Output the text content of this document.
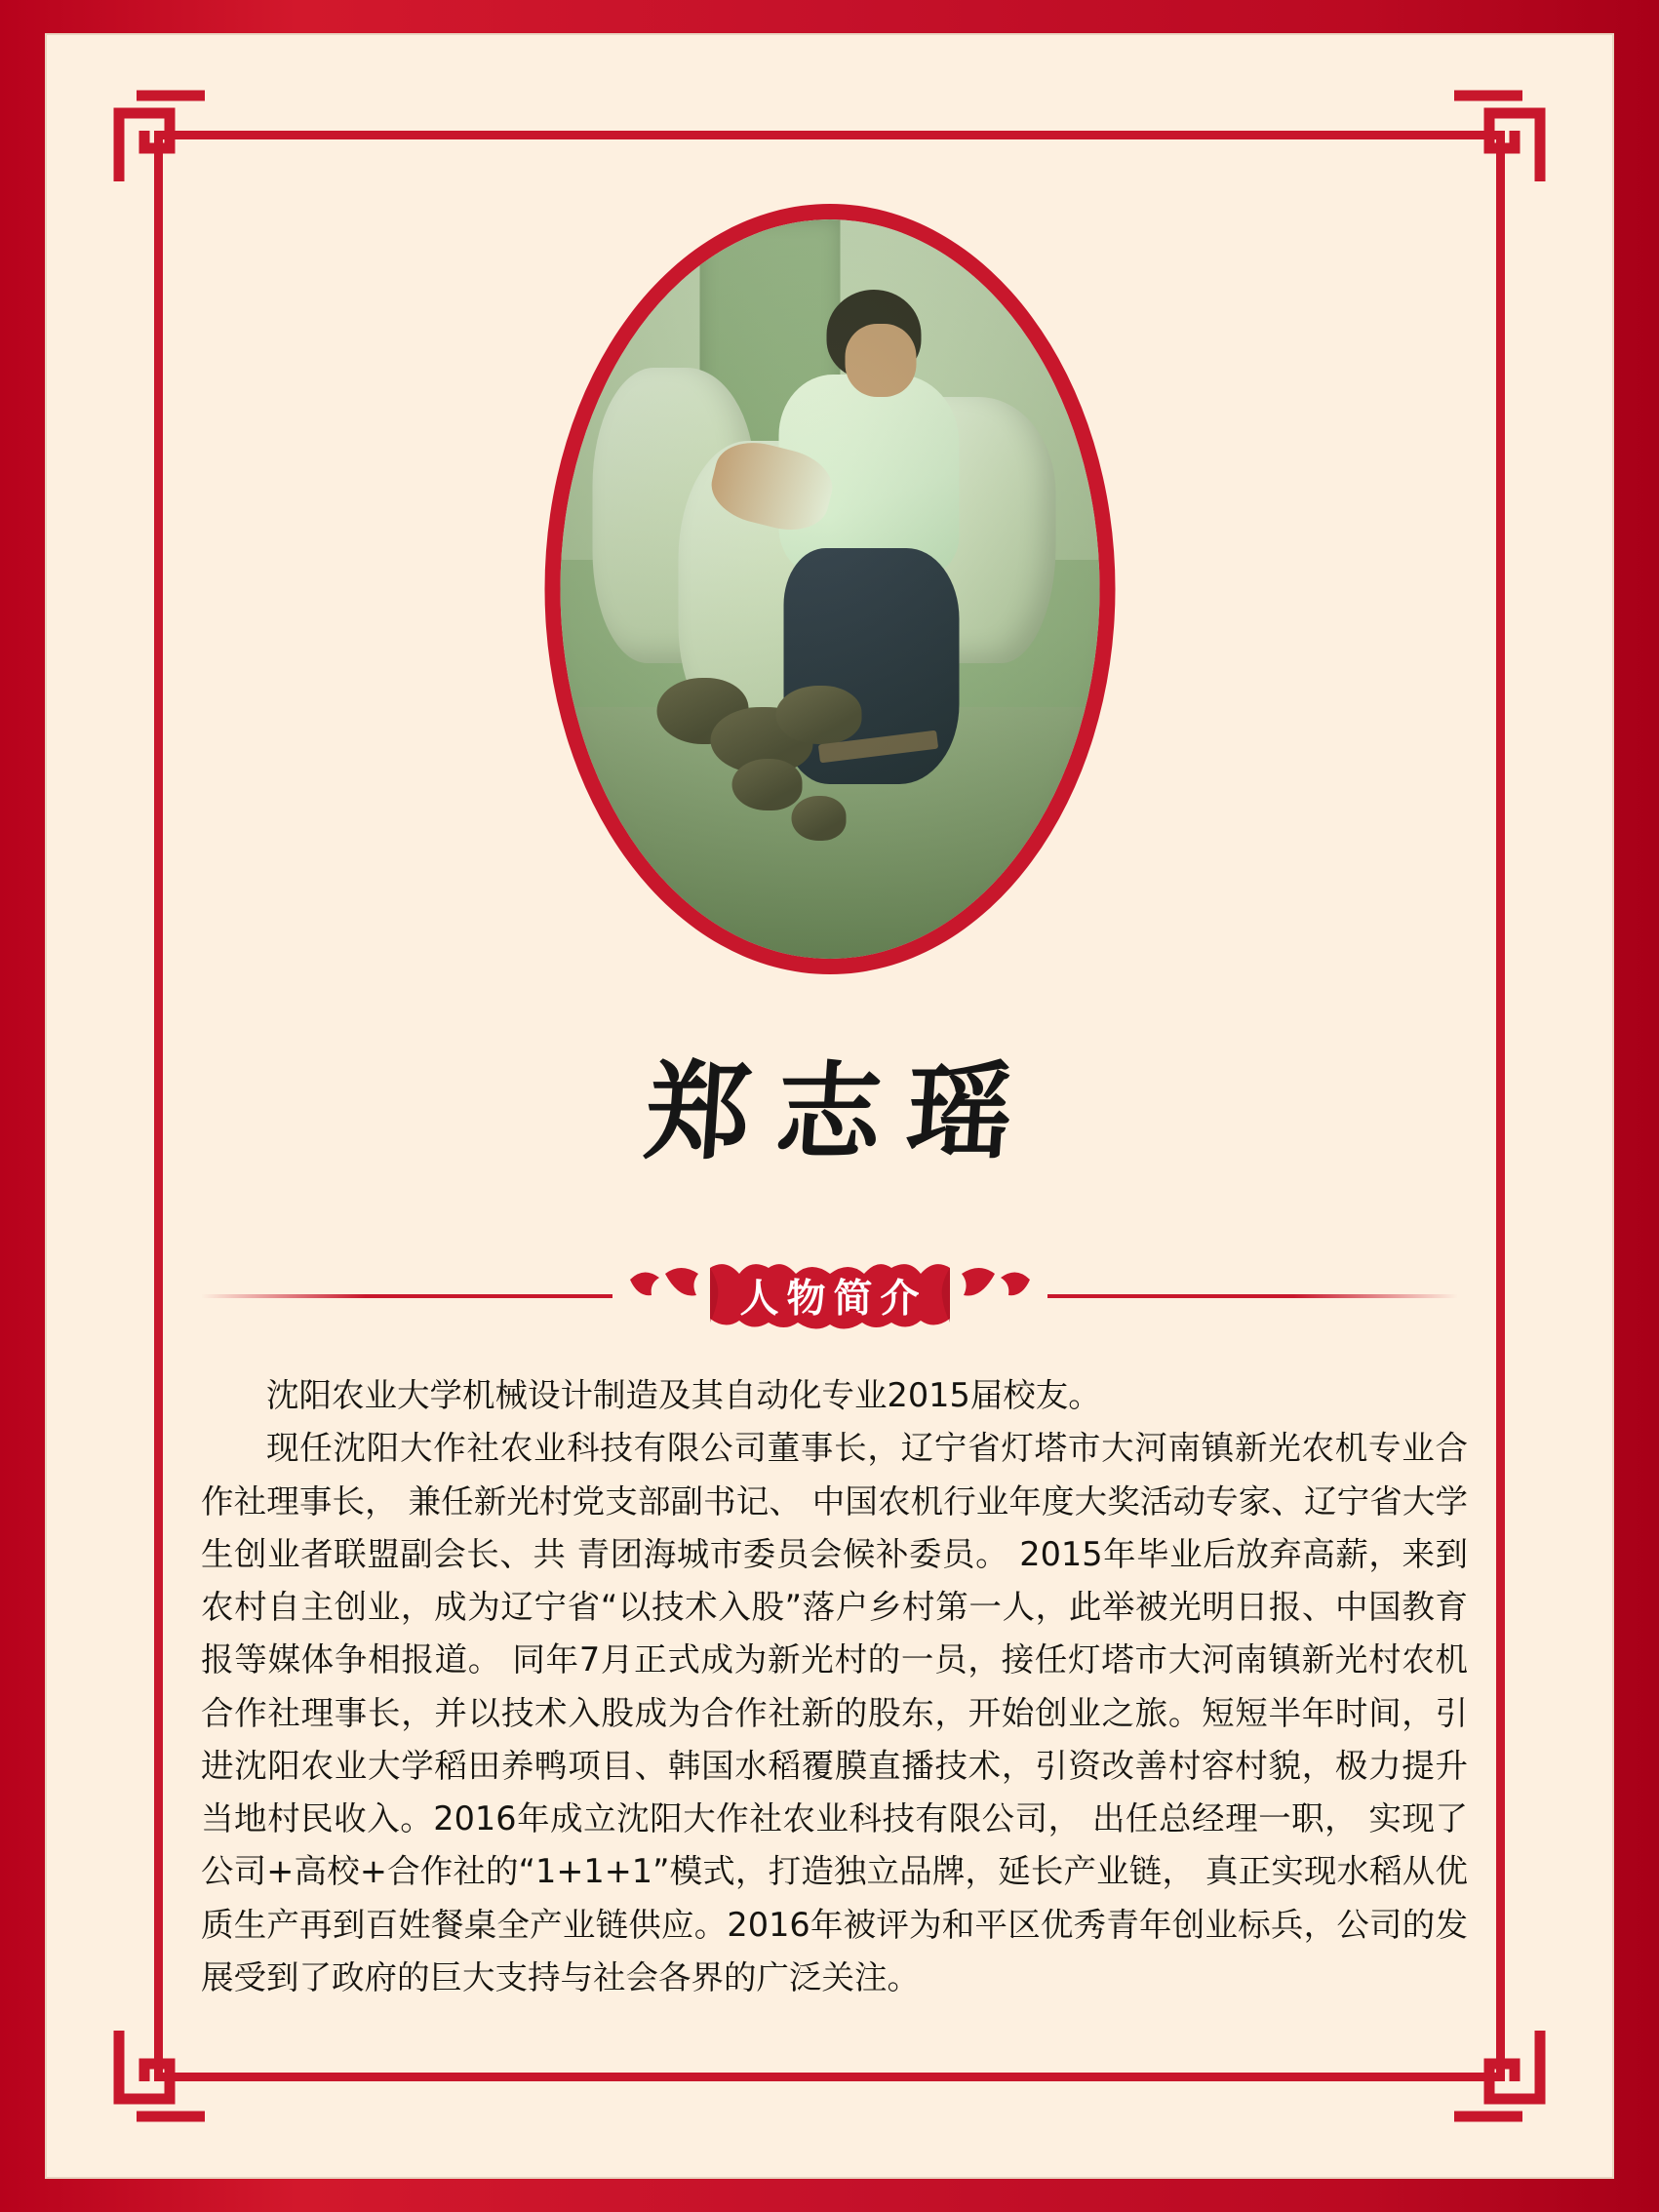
郑志瑶
人物简介

沈阳农业大学机械设计制造及其自动化专业2015届校友。

现任沈阳大作社农业科技有限公司董事长，辽宁省灯塔市大河南镇新光农机专业合作社理事长， 兼任新光村党支部副书记、 中国农机行业年度大奖活动专家、辽宁省大学生创业者联盟副会长、共 青团海城市委员会候补委员。 2015年毕业后放弃高薪，来到农村自主创业，成为辽宁省“以技术入股”落户乡村第一人，此举被光明日报、中国教育报等媒体争相报道。 同年7月正式成为新光村的一员，接任灯塔市大河南镇新光村农机合作社理事长，并以技术入股成为合作社新的股东，开始创业之旅。短短半年时间，引进沈阳农业大学稻田养鸭项目、韩国水稻覆膜直播技术，引资改善村容村貌，极力提升当地村民收入。2016年成立沈阳大作社农业科技有限公司， 出任总经理一职， 实现了公司+高校+合作社的“1+1+1”模式，打造独立品牌，延长产业链， 真正实现水稻从优质生产再到百姓餐桌全产业链供应。2016年被评为和平区优秀青年创业标兵，公司的发展受到了政府的巨大支持与社会各界的广泛关注。
